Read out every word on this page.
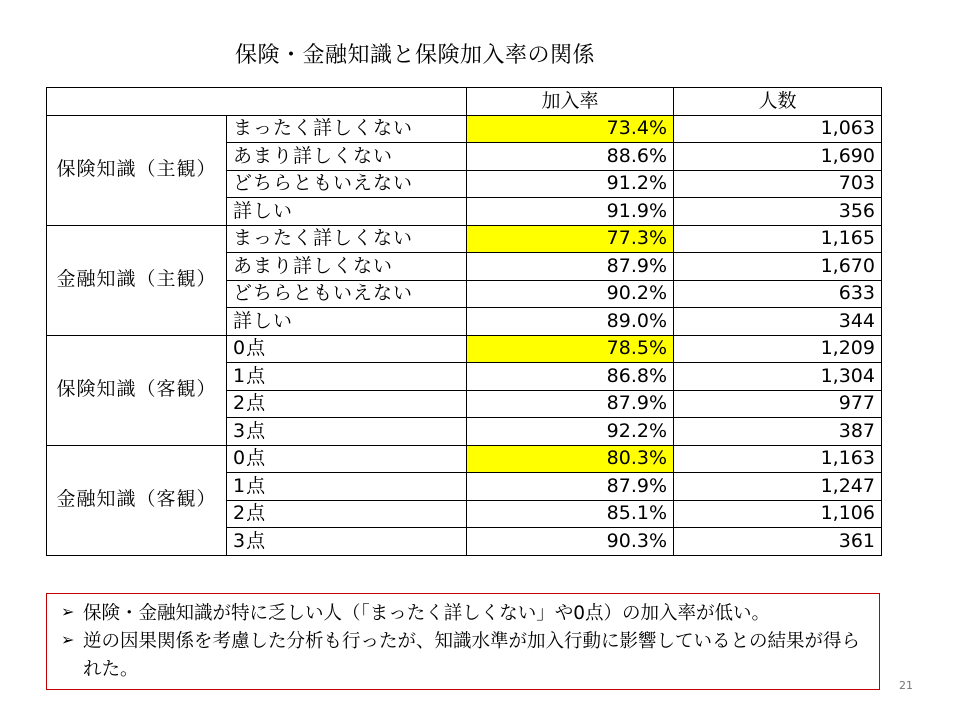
保険・金融知識と保険加入率の関係
		加入率	人数
保険知識（主観）	まったく詳しくない	73.4%	1,063
	あまり詳しくない	88.6%	1,690
	どちらともいえない	91.2%	703
	詳しい	91.9%	356
金融知識（主観）	まったく詳しくない	77.3%	1,165
	あまり詳しくない	87.9%	1,670
	どちらともいえない	90.2%	633
	詳しい	89.0%	344
保険知識（客観）	0点	78.5%	1,209
	1点	86.8%	1,304
	2点	87.9%	977
	3点	92.2%	387
金融知識（客観）	0点	80.3%	1,163
	1点	87.9%	1,247
	2点	85.1%	1,106
	3点	90.3%	361
➢ 保険・金融知識が特に乏しい人（「まったく詳しくない」や0点）の加入率が低い。
➢ 逆の因果関係を考慮した分析も行ったが、知識水準が加入行動に影響しているとの結果が得られた。
21
